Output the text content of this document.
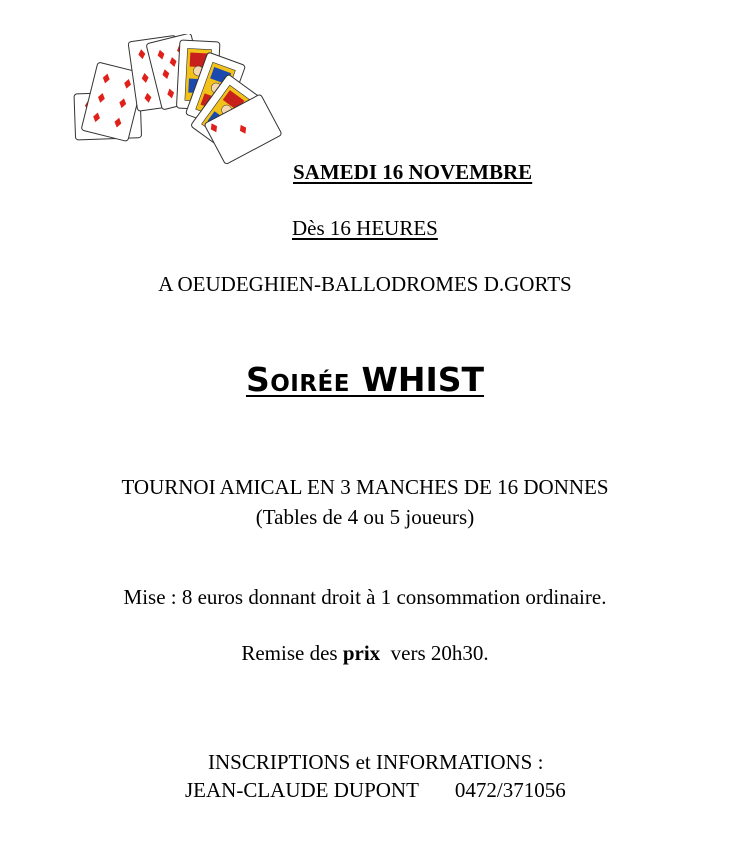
SAMEDI 16 NOVEMBRE
Dès 16 HEURES
A OEUDEGHIEN-BALLODROMES D.GORTS
Soirée WHIST
TOURNOI AMICAL EN 3 MANCHES DE 16 DONNES
(Tables de 4 ou 5 joueurs)
Mise : 8 euros donnant droit à 1 consommation ordinaire.
Remise des prix  vers 20h30.
INSCRIPTIONS et INFORMATIONS :
JEAN-CLAUDE DUPONT 0472/371056
